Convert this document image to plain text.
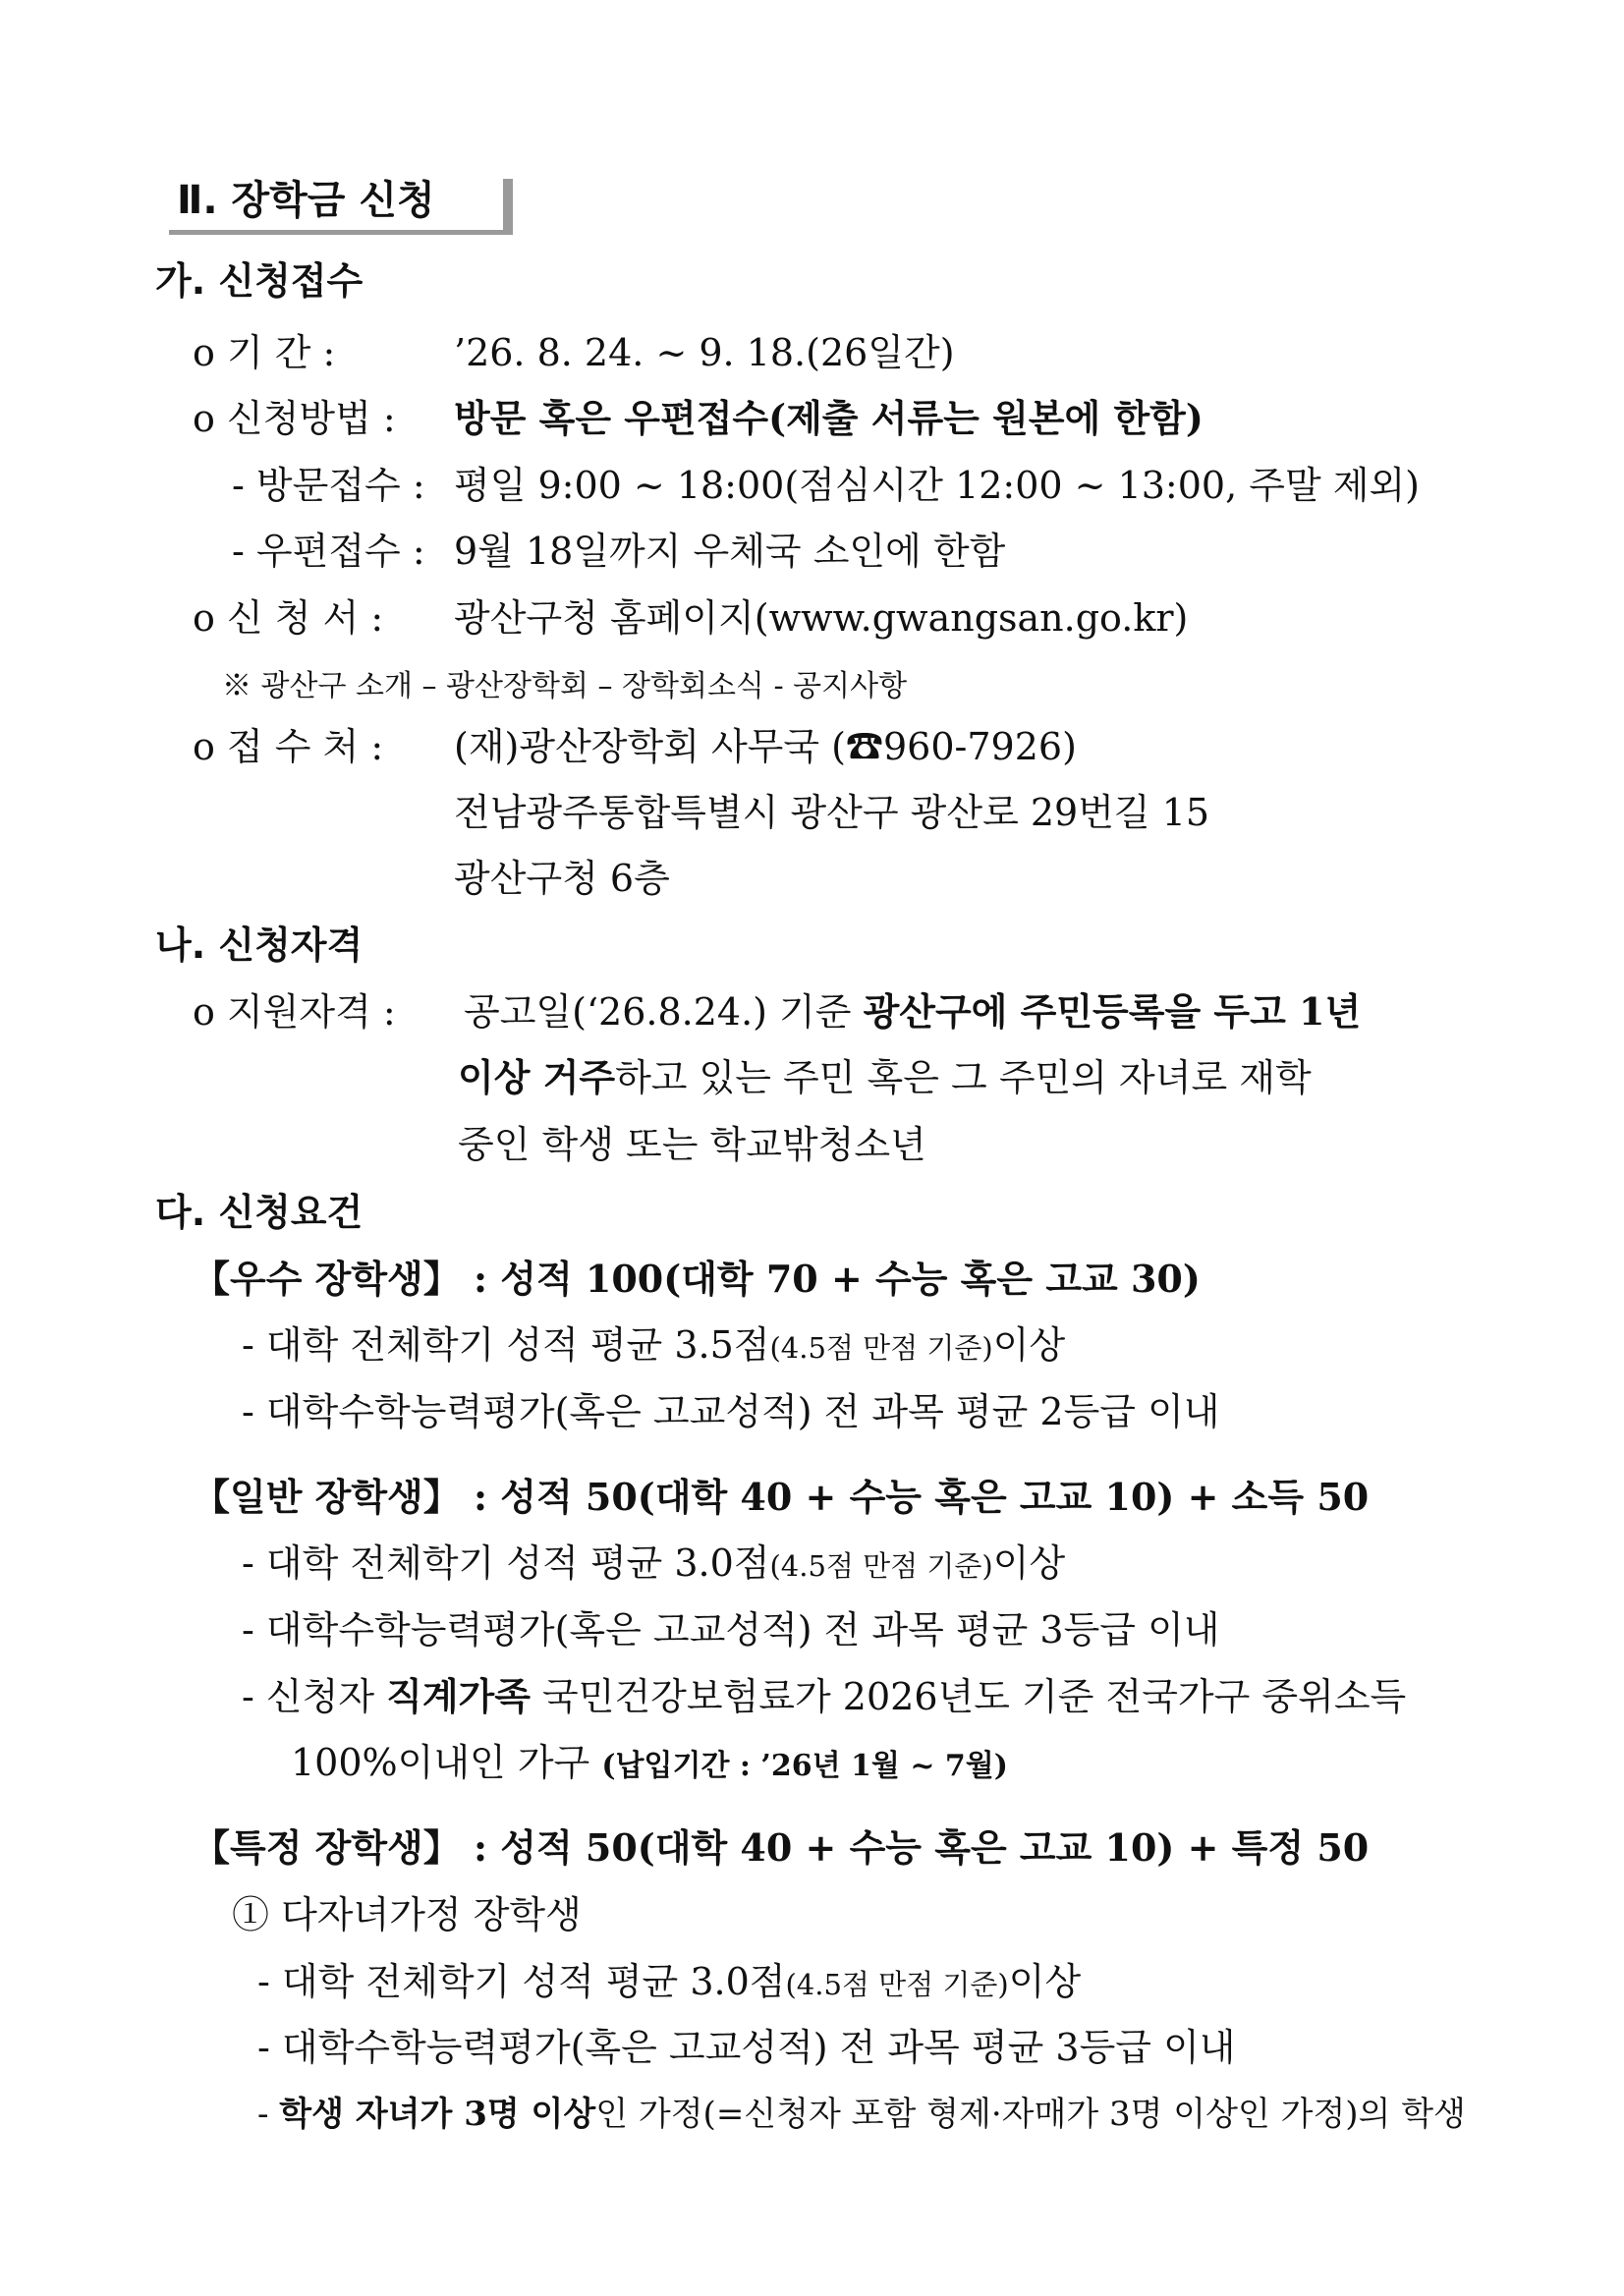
Ⅱ. 장학금 신청
가. 신청접수
o 기 간 :	’26. 8. 24. ~ 9. 18.(26일간)
o 신청방법 : 방문 혹은 우편접수(제출 서류는 원본에 한함)
- 방문접수 : 평일 9:00 ~ 18:00(점심시간 12:00 ~ 13:00, 주말 제외)
- 우편접수 : 9월 18일까지 우체국 소인에 한함
o 신 청 서 : 광산구청 홈페이지(www.gwangsan.go.kr)
※ 광산구 소개 – 광산장학회 – 장학회소식 - 공지사항
o 접 수 처 : (재)광산장학회 사무국 (☎960-7926)
전남광주통합특별시 광산구 광산로 29번길 15
광산구청 6층
나. 신청자격
o 지원자격 : 공고일(‘26.8.24.) 기준 광산구에 주민등록을 두고 1년
이상 거주하고 있는 주민 혹은 그 주민의 자녀로 재학
중인 학생 또는 학교밖청소년
다. 신청요건
【우수 장학생】 : 성적 100(대학 70 + 수능 혹은 고교 30)
- 대학 전체학기 성적 평균 3.5점(4.5점 만점 기준)이상
- 대학수학능력평가(혹은 고교성적) 전 과목 평균 2등급 이내
【일반 장학생】 : 성적 50(대학 40 + 수능 혹은 고교 10) + 소득 50
- 대학 전체학기 성적 평균 3.0점(4.5점 만점 기준)이상
- 대학수학능력평가(혹은 고교성적) 전 과목 평균 3등급 이내
- 신청자 직계가족 국민건강보험료가 2026년도 기준 전국가구 중위소득
100%이내인 가구 (납입기간 : ’26년 1월 ~ 7월)
【특정 장학생】 : 성적 50(대학 40 + 수능 혹은 고교 10) + 특정 50
① 다자녀가정 장학생
- 대학 전체학기 성적 평균 3.0점(4.5점 만점 기준)이상
- 대학수학능력평가(혹은 고교성적) 전 과목 평균 3등급 이내
- 학생 자녀가 3명 이상인 가정(=신청자 포함 형제·자매가 3명 이상인 가정)의 학생
